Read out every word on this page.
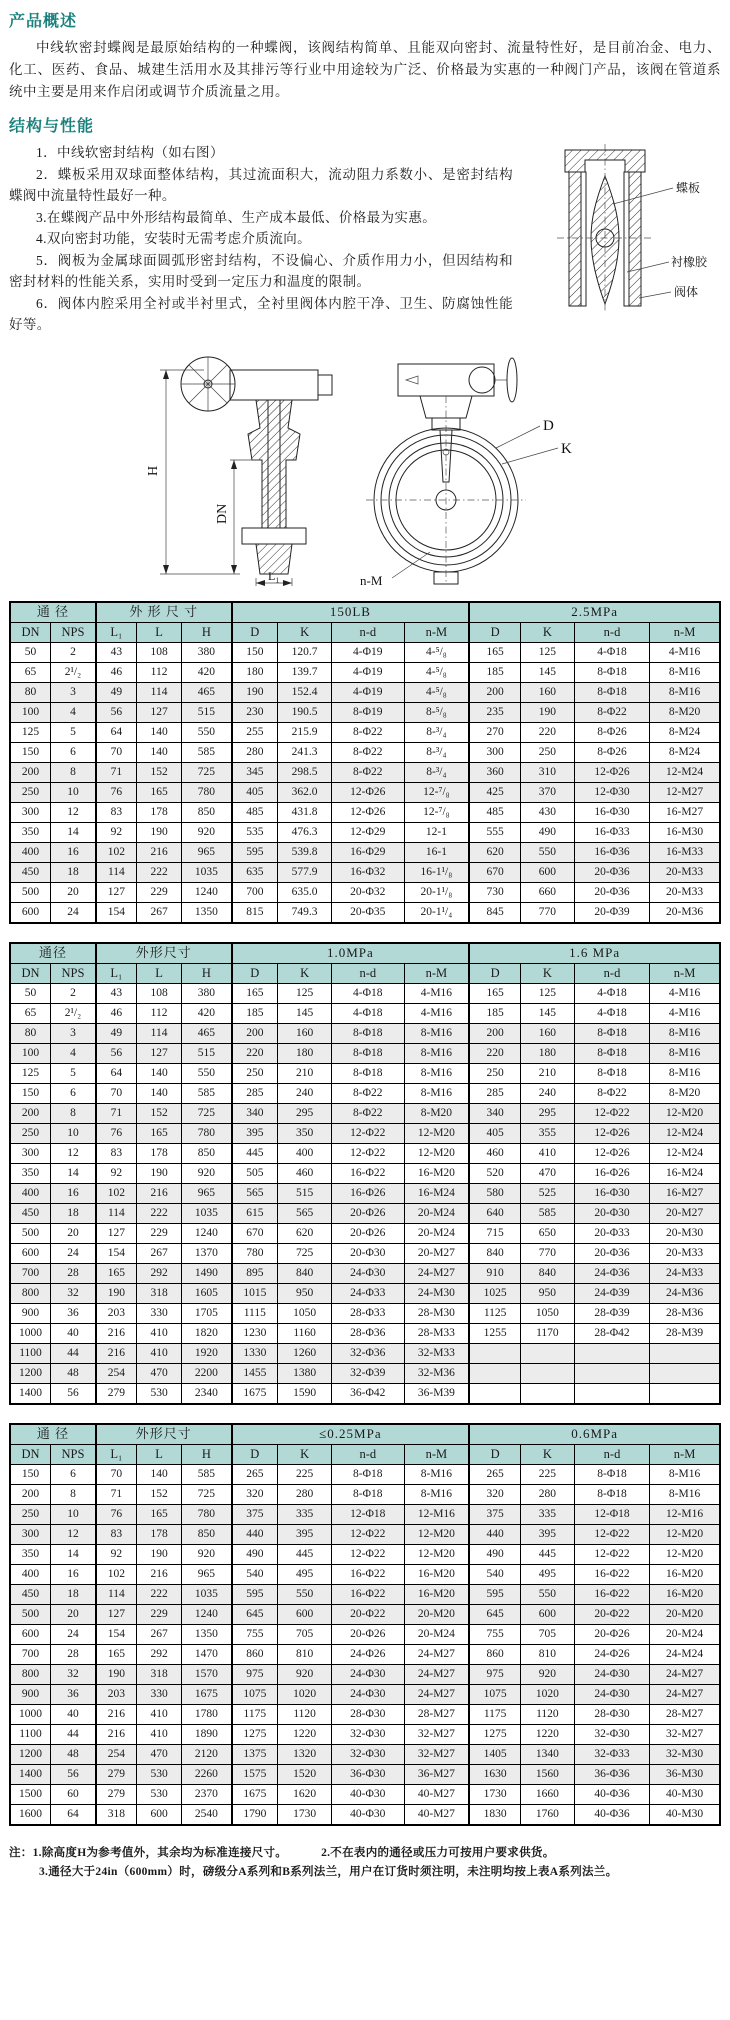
产品概述

中线软密封蝶阀是最原始结构的一种蝶阀，该阀结构简单、且能双向密封、流量特性好，是目前冶金、电力、化工、医药、食品、城建生活用水及其排污等行业中用途较为广泛、价格最为实惠的一种阀门产品，该阀在管道系统中主要是用来作启闭或调节介质流量之用。

结构与性能
蝶板
衬橡胶
阀体

1．中线软密封结构（如右图）

2．蝶板采用双球面整体结构，其过流面积大，流动阻力系数小、是密封结构蝶阀中流量特性最好一种。

3.在蝶阀产品中外形结构最简单、生产成本最低、价格最为实惠。

4.双向密封功能，安装时无需考虑介质流向。

5．阀板为金属球面圆弧形密封结构，不设偏心、介质作用力小，但因结构和密封材料的性能关系，实用时受到一定压力和温度的限制。

6．阀体内腔采用全衬或半衬里式，全衬里阀体内腔干净、卫生、防腐蚀性能好等。

H
DN
L₁
D
K
n-M
通 径		外 形 尺 寸			150LB				2.5MPa			
DN	NPS	L₁	L	H	D	K	n-d	n-M	D	K	n-d	n-M
50	2	43	108	380	150	120.7	4-Φ19	4-⁵/₈	165	125	4-Φ18	4-M16
65	2¹/₂	46	112	420	180	139.7	4-Φ19	4-⁵/₈	185	145	8-Φ18	8-M16
80	3	49	114	465	190	152.4	4-Φ19	4-⁵/₈	200	160	8-Φ18	8-M16
100	4	56	127	515	230	190.5	8-Φ19	8-⁵/₈	235	190	8-Φ22	8-M20
125	5	64	140	550	255	215.9	8-Φ22	8-³/₄	270	220	8-Φ26	8-M24
150	6	70	140	585	280	241.3	8-Φ22	8-³/₄	300	250	8-Φ26	8-M24
200	8	71	152	725	345	298.5	8-Φ22	8-³/₄	360	310	12-Φ26	12-M24
250	10	76	165	780	405	362.0	12-Φ26	12-⁷/₈	425	370	12-Φ30	12-M27
300	12	83	178	850	485	431.8	12-Φ26	12-⁷/₈	485	430	16-Φ30	16-M27
350	14	92	190	920	535	476.3	12-Φ29	12-1	555	490	16-Φ33	16-M30
400	16	102	216	965	595	539.8	16-Φ29	16-1	620	550	16-Φ36	16-M33
450	18	114	222	1035	635	577.9	16-Φ32	16-1¹/₈	670	600	20-Φ36	20-M33
500	20	127	229	1240	700	635.0	20-Φ32	20-1¹/₈	730	660	20-Φ36	20-M33
600	24	154	267	1350	815	749.3	20-Φ35	20-1¹/₄	845	770	20-Φ39	20-M36
通径		外形尺寸			1.0MPa				1.6 MPa			
DN	NPS	L₁	L	H	D	K	n-d	n-M	D	K	n-d	n-M
50	2	43	108	380	165	125	4-Φ18	4-M16	165	125	4-Φ18	4-M16
65	2¹/₂	46	112	420	185	145	4-Φ18	4-M16	185	145	4-Φ18	4-M16
80	3	49	114	465	200	160	8-Φ18	8-M16	200	160	8-Φ18	8-M16
100	4	56	127	515	220	180	8-Φ18	8-M16	220	180	8-Φ18	8-M16
125	5	64	140	550	250	210	8-Φ18	8-M16	250	210	8-Φ18	8-M16
150	6	70	140	585	285	240	8-Φ22	8-M16	285	240	8-Φ22	8-M20
200	8	71	152	725	340	295	8-Φ22	8-M20	340	295	12-Φ22	12-M20
250	10	76	165	780	395	350	12-Φ22	12-M20	405	355	12-Φ26	12-M24
300	12	83	178	850	445	400	12-Φ22	12-M20	460	410	12-Φ26	12-M24
350	14	92	190	920	505	460	16-Φ22	16-M20	520	470	16-Φ26	16-M24
400	16	102	216	965	565	515	16-Φ26	16-M24	580	525	16-Φ30	16-M27
450	18	114	222	1035	615	565	20-Φ26	20-M24	640	585	20-Φ30	20-M27
500	20	127	229	1240	670	620	20-Φ26	20-M24	715	650	20-Φ33	20-M30
600	24	154	267	1370	780	725	20-Φ30	20-M27	840	770	20-Φ36	20-M33
700	28	165	292	1490	895	840	24-Φ30	24-M27	910	840	24-Φ36	24-M33
800	32	190	318	1605	1015	950	24-Φ33	24-M30	1025	950	24-Φ39	24-M36
900	36	203	330	1705	1115	1050	28-Φ33	28-M30	1125	1050	28-Φ39	28-M36
1000	40	216	410	1820	1230	1160	28-Φ36	28-M33	1255	1170	28-Φ42	28-M39
1100	44	216	410	1920	1330	1260	32-Φ36	32-M33				
1200	48	254	470	2200	1455	1380	32-Φ39	32-M36				
1400	56	279	530	2340	1675	1590	36-Φ42	36-M39				
通 径		外形尺寸			≤0.25MPa				0.6MPa			
DN	NPS	L₁	L	H	D	K	n-d	n-M	D	K	n-d	n-M
150	6	70	140	585	265	225	8-Φ18	8-M16	265	225	8-Φ18	8-M16
200	8	71	152	725	320	280	8-Φ18	8-M16	320	280	8-Φ18	8-M16
250	10	76	165	780	375	335	12-Φ18	12-M16	375	335	12-Φ18	12-M16
300	12	83	178	850	440	395	12-Φ22	12-M20	440	395	12-Φ22	12-M20
350	14	92	190	920	490	445	12-Φ22	12-M20	490	445	12-Φ22	12-M20
400	16	102	216	965	540	495	16-Φ22	16-M20	540	495	16-Φ22	16-M20
450	18	114	222	1035	595	550	16-Φ22	16-M20	595	550	16-Φ22	16-M20
500	20	127	229	1240	645	600	20-Φ22	20-M20	645	600	20-Φ22	20-M20
600	24	154	267	1350	755	705	20-Φ26	20-M24	755	705	20-Φ26	20-M24
700	28	165	292	1470	860	810	24-Φ26	24-M27	860	810	24-Φ26	24-M24
800	32	190	318	1570	975	920	24-Φ30	24-M27	975	920	24-Φ30	24-M27
900	36	203	330	1675	1075	1020	24-Φ30	24-M27	1075	1020	24-Φ30	24-M27
1000	40	216	410	1780	1175	1120	28-Φ30	28-M27	1175	1120	28-Φ30	28-M27
1100	44	216	410	1890	1275	1220	32-Φ30	32-M27	1275	1220	32-Φ30	32-M27
1200	48	254	470	2120	1375	1320	32-Φ30	32-M27	1405	1340	32-Φ33	32-M30
1400	56	279	530	2260	1575	1520	36-Φ30	36-M27	1630	1560	36-Φ36	36-M30
1500	60	279	530	2370	1675	1620	40-Φ30	40-M27	1730	1660	40-Φ36	40-M30
1600	64	318	600	2540	1790	1730	40-Φ30	40-M27	1830	1760	40-Φ36	40-M30
注：1.除高度H为参考值外，其余均为标准连接尺寸。	2.不在表内的通径或压力可按用户要求供货。
3.通径大于24in（600mm）时，磅级分A系列和B系列法兰，用户在订货时须注明，未注明均按上表A系列法兰。
